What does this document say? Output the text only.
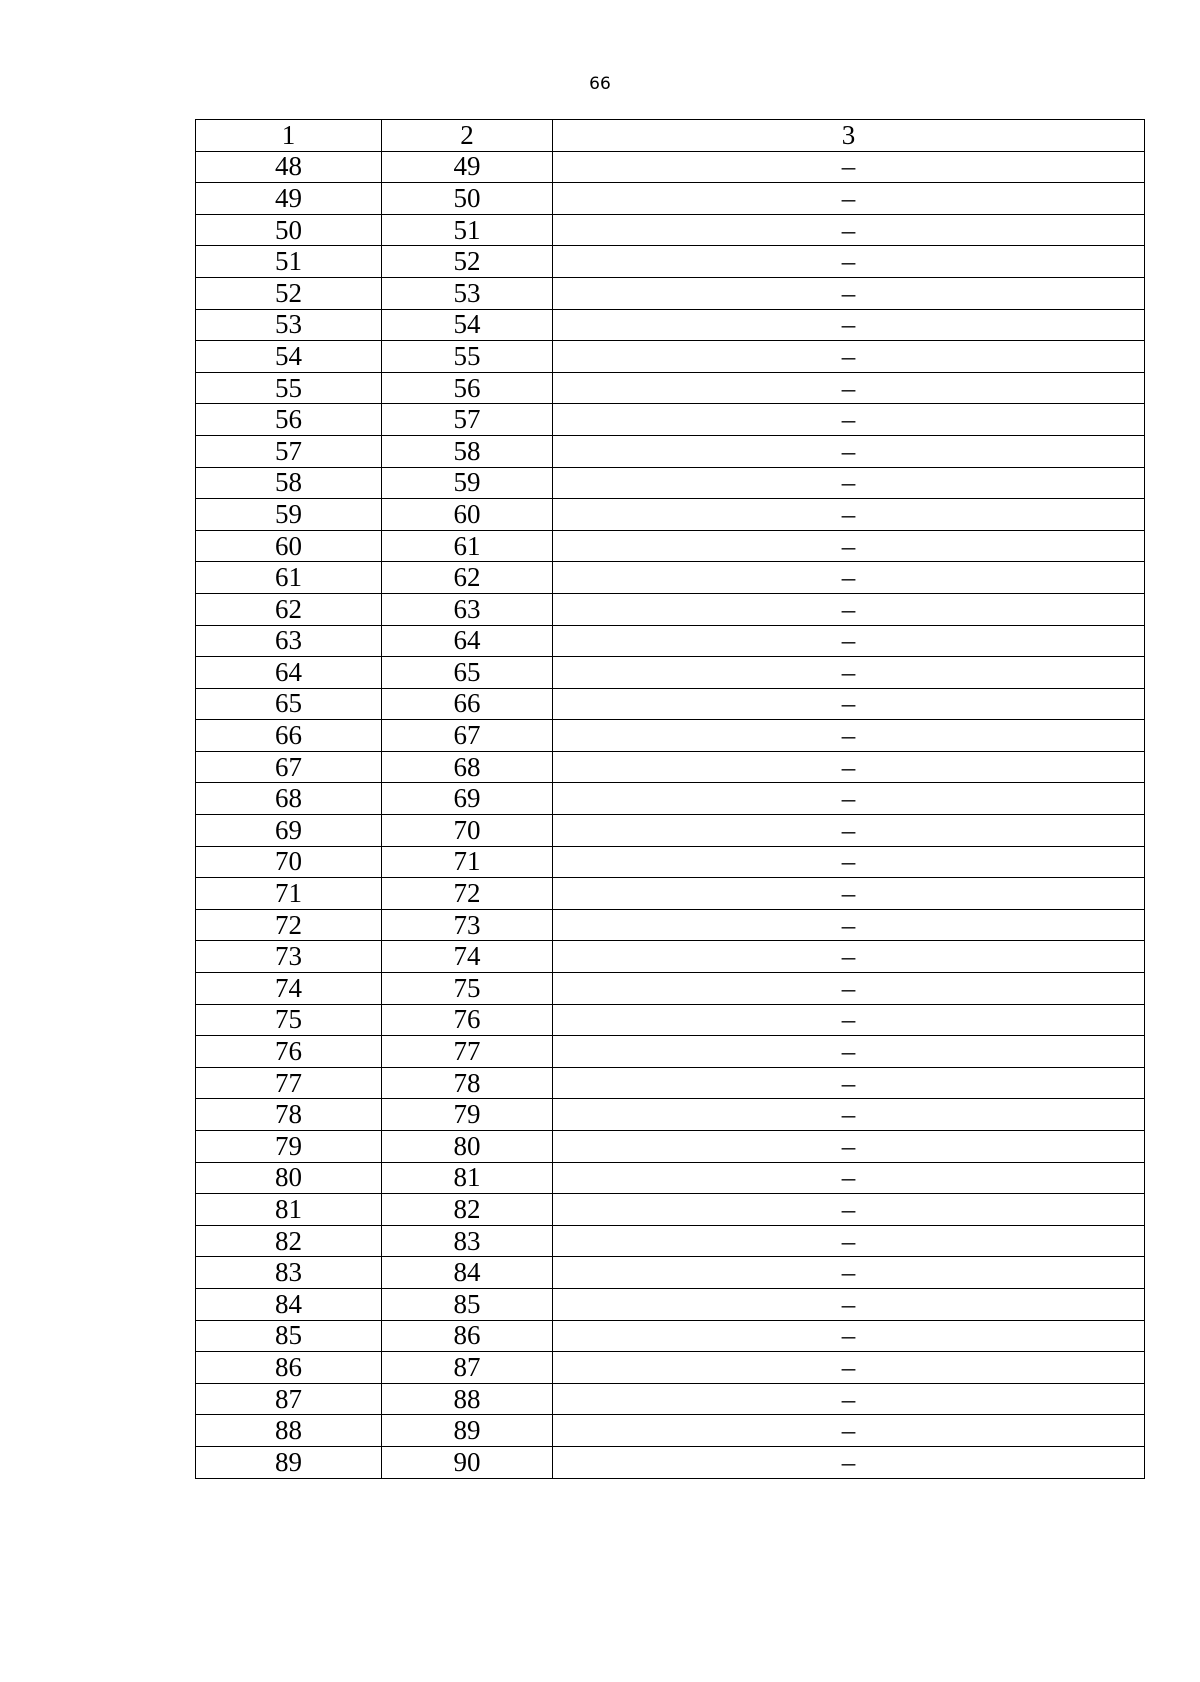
66
1	2	3
48	49	–
49	50	–
50	51	–
51	52	–
52	53	–
53	54	–
54	55	–
55	56	–
56	57	–
57	58	–
58	59	–
59	60	–
60	61	–
61	62	–
62	63	–
63	64	–
64	65	–
65	66	–
66	67	–
67	68	–
68	69	–
69	70	–
70	71	–
71	72	–
72	73	–
73	74	–
74	75	–
75	76	–
76	77	–
77	78	–
78	79	–
79	80	–
80	81	–
81	82	–
82	83	–
83	84	–
84	85	–
85	86	–
86	87	–
87	88	–
88	89	–
89	90	–
